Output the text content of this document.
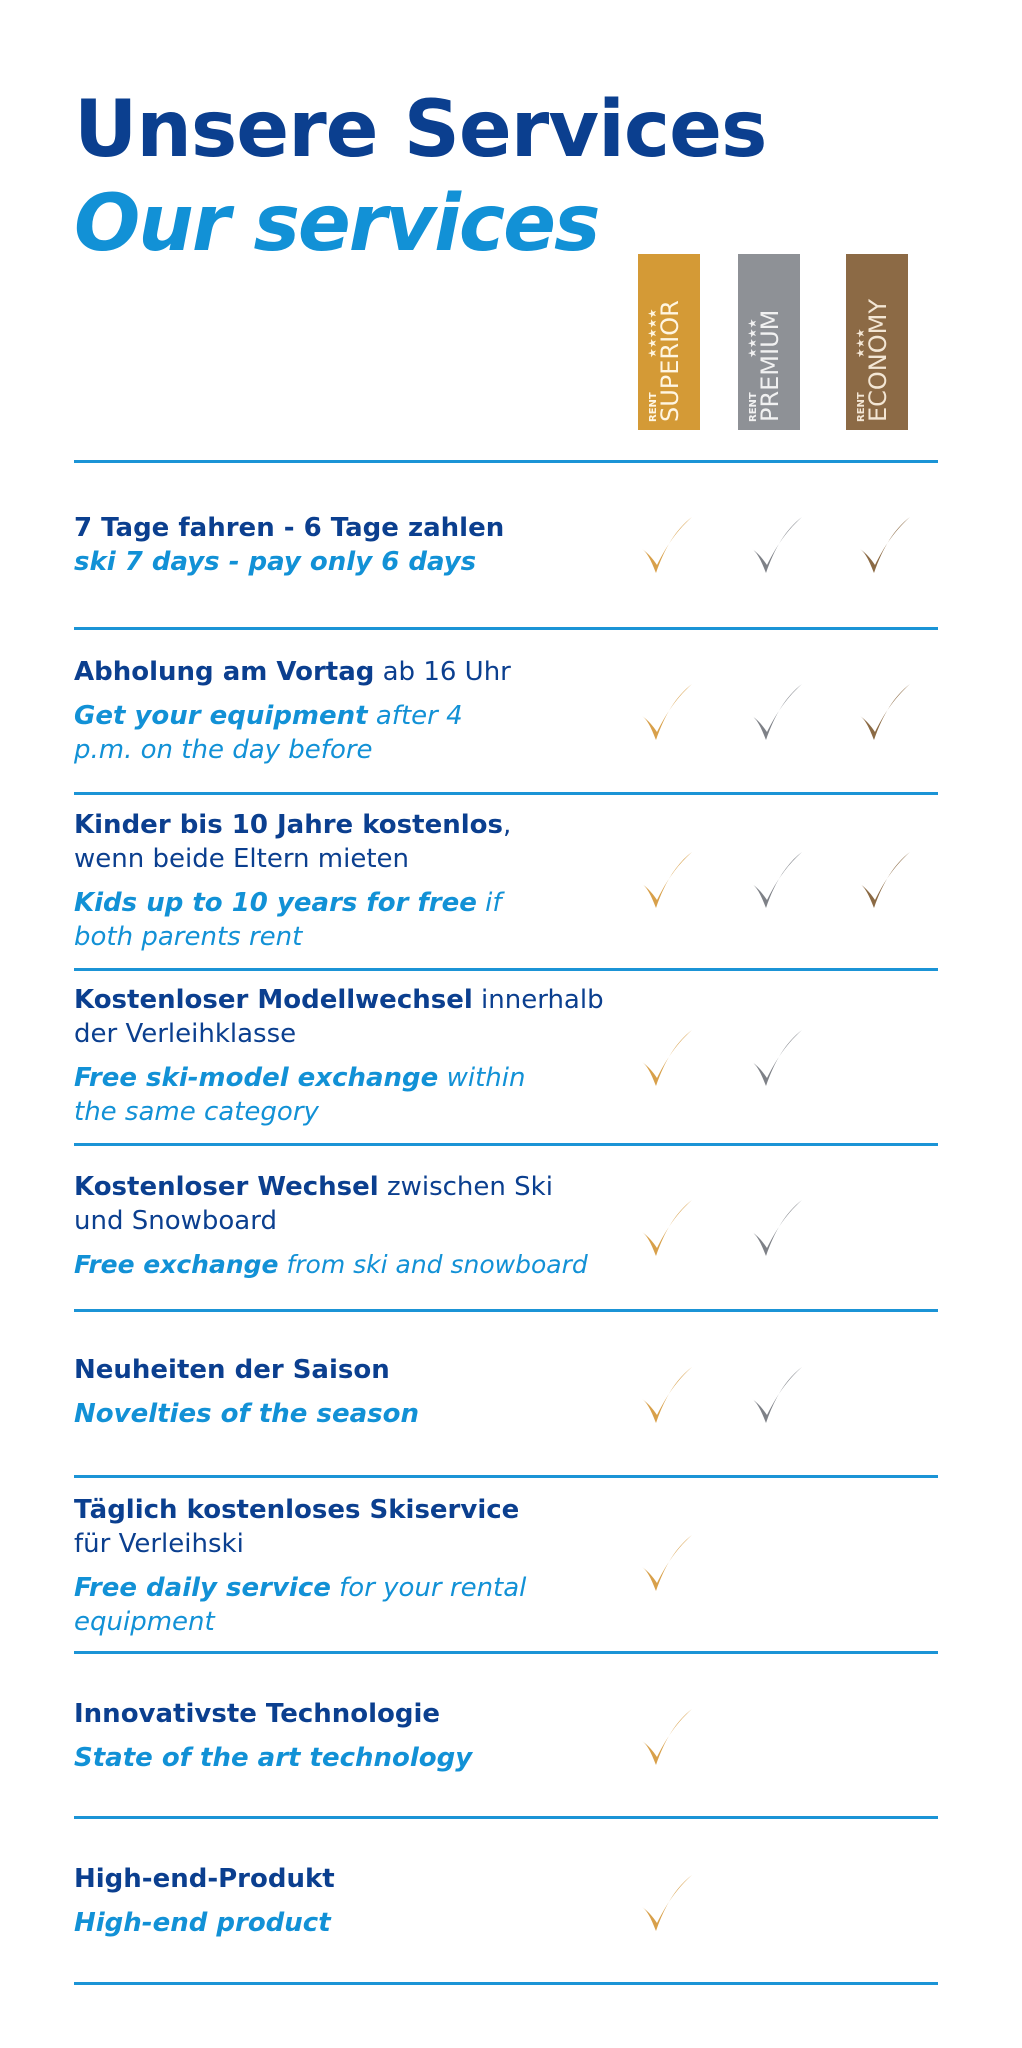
Unsere Services
Our services
SUPERIOR
RENT
★★★★★	PREMIUM
RENT
★★★★	ECONOMY
RENT
★★★
7 Tage fahren - 6 Tage zahlen
ski 7 days - pay only 6 days
Abholung am Vortag ab 16 Uhr
Get your equipment after 4 p.m. on the day before
Kinder bis 10 Jahre kostenlos, wenn beide Eltern mieten
Kids up to 10 years for free if both parents rent
Kostenloser Modellwechsel innerhalb der Verleihklasse
Free ski-model exchange within the same category
Kostenloser Wechsel zwischen Ski und Snowboard
Free exchange from ski and snowboard
Neuheiten der Saison
Novelties of the season
Täglich kostenloses Skiservice für Verleihski
Free daily service for your rental equipment
Innovativste Technologie
State of the art technology
High-end-Produkt
High-end product
